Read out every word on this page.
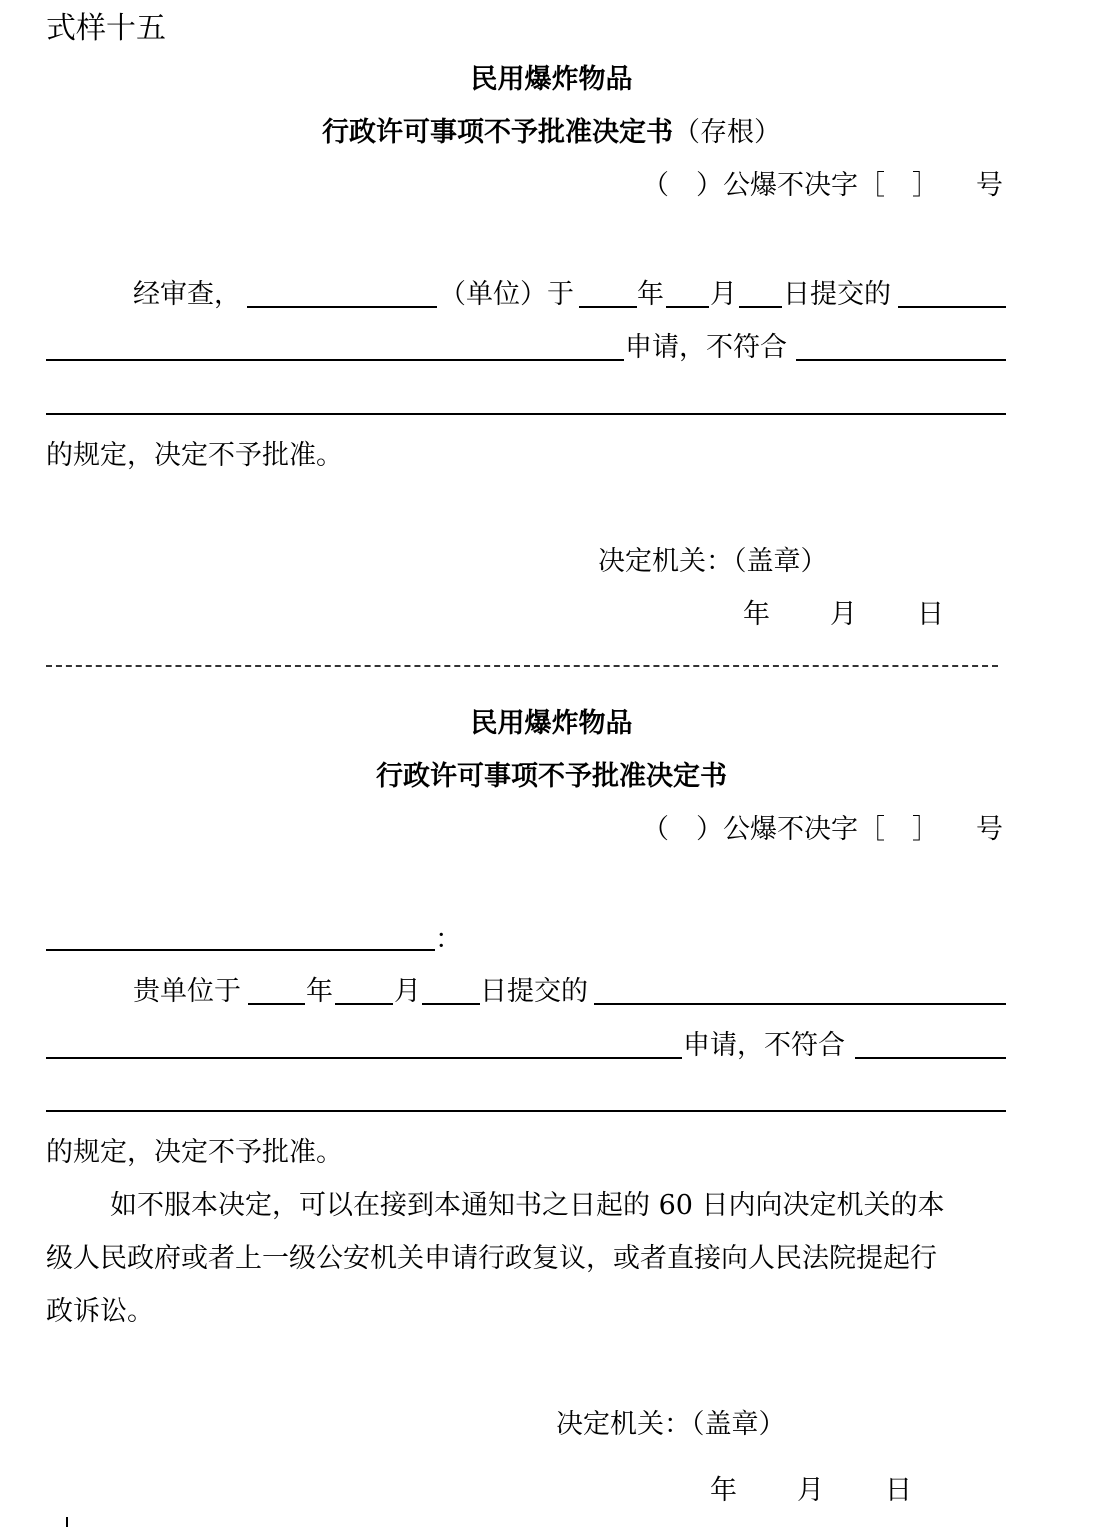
式样十五
民用爆炸物品
行政许可事项不予批准决定书（存根）
（　）公爆不决字［　］ 号
经审查，	（单位）于 年 月 日提交的
申请，不符合
的规定，决定不予批准。
决定机关：（盖章）
年 月 日
民用爆炸物品
行政许可事项不予批准决定书
（　）公爆不决字［　］ 号
：
贵单位于 年 月 日提交的
申请，不符合
的规定，决定不予批准。
如不服本决定，可以在接到本通知书之日起的 60 日内向决定机关的本
级人民政府或者上一级公安机关申请行政复议，或者直接向人民法院提起行
政诉讼。
决定机关：（盖章）
年 月 日
